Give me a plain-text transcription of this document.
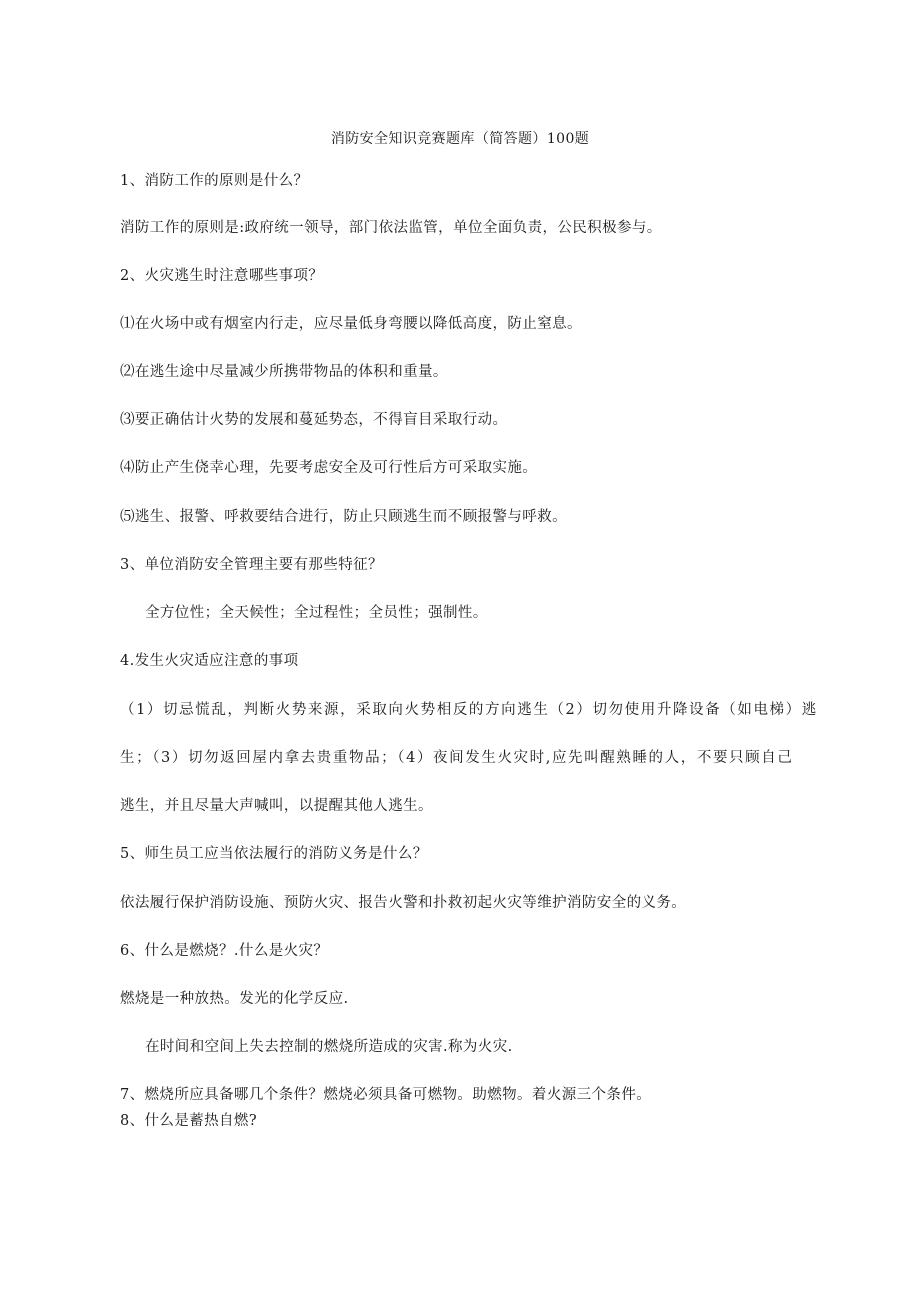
消防安全知识竞赛题库（简答题）100题
1、消防工作的原则是什么？
消防工作的原则是:政府统一领导，部门依法监管，单位全面负责，公民积极参与。
2、火灾逃生时注意哪些事项？
⑴在火场中或有烟室内行走，应尽量低身弯腰以降低高度，防止窒息。
⑵在逃生途中尽量减少所携带物品的体积和重量。
⑶要正确估计火势的发展和蔓延势态，不得盲目采取行动。
⑷防止产生侥幸心理，先要考虑安全及可行性后方可采取实施。
⑸逃生、报警、呼救要结合进行，防止只顾逃生而不顾报警与呼救。
3、单位消防安全管理主要有那些特征？
全方位性；全天候性；全过程性；全员性；强制性。
4.发生火灾适应注意的事项
（1）切忌慌乱，判断火势来源，采取向火势相反的方向逃生（2）切勿使用升降设备（如电梯）逃
生；（3）切勿返回屋内拿去贵重物品；（4）夜间发生火灾时,应先叫醒熟睡的人，不要只顾自己
逃生，并且尽量大声喊叫，以提醒其他人逃生。
5、师生员工应当依法履行的消防义务是什么？
依法履行保护消防设施、预防火灾、报告火警和扑救初起火灾等维护消防安全的义务。
6、什么是燃烧？.什么是火灾？
燃烧是一种放热。发光的化学反应.
在时间和空间上失去控制的燃烧所造成的灾害.称为火灾.
7、燃烧所应具备哪几个条件？燃烧必须具备可燃物。助燃物。着火源三个条件。
8、什么是蓄热自燃?
